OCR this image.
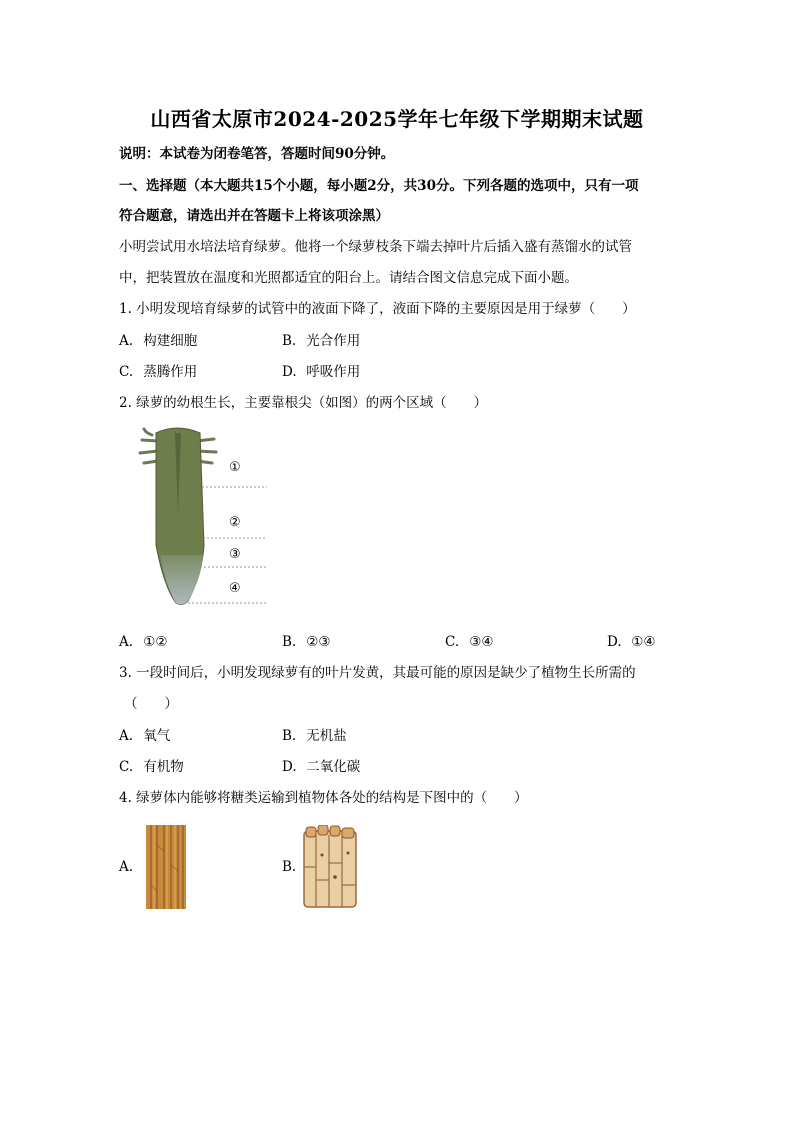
山西省太原市2024-2025学年七年级下学期期末试题
说明：本试卷为闭卷笔答，答题时间90分钟。
一、选择题（本大题共15个小题，每小题2分，共30分。下列各题的选项中，只有一项
符合题意，请选出并在答题卡上将该项涂黑）
小明尝试用水培法培育绿萝。他将一个绿萝枝条下端去掉叶片后插入盛有蒸馏水的试管
中，把装置放在温度和光照都适宜的阳台上。请结合图文信息完成下面小题。
1. 小明发现培育绿萝的试管中的液面下降了，液面下降的主要原因是用于绿萝（　　）
A. 构建细胞	B. 光合作用
C. 蒸腾作用	D. 呼吸作用
2. 绿萝的幼根生长，主要靠根尖（如图）的两个区域（　　）
①
②
③
④
A. ①②	B. ②③	C. ③④	D. ①④
3. 一段时间后，小明发现绿萝有的叶片发黄，其最可能的原因是缺少了植物生长所需的
（　　）
A. 氧气	B. 无机盐
C. 有机物	D. 二氧化碳
4. 绿萝体内能够将糖类运输到植物体各处的结构是下图中的（　　）
A.	B.
